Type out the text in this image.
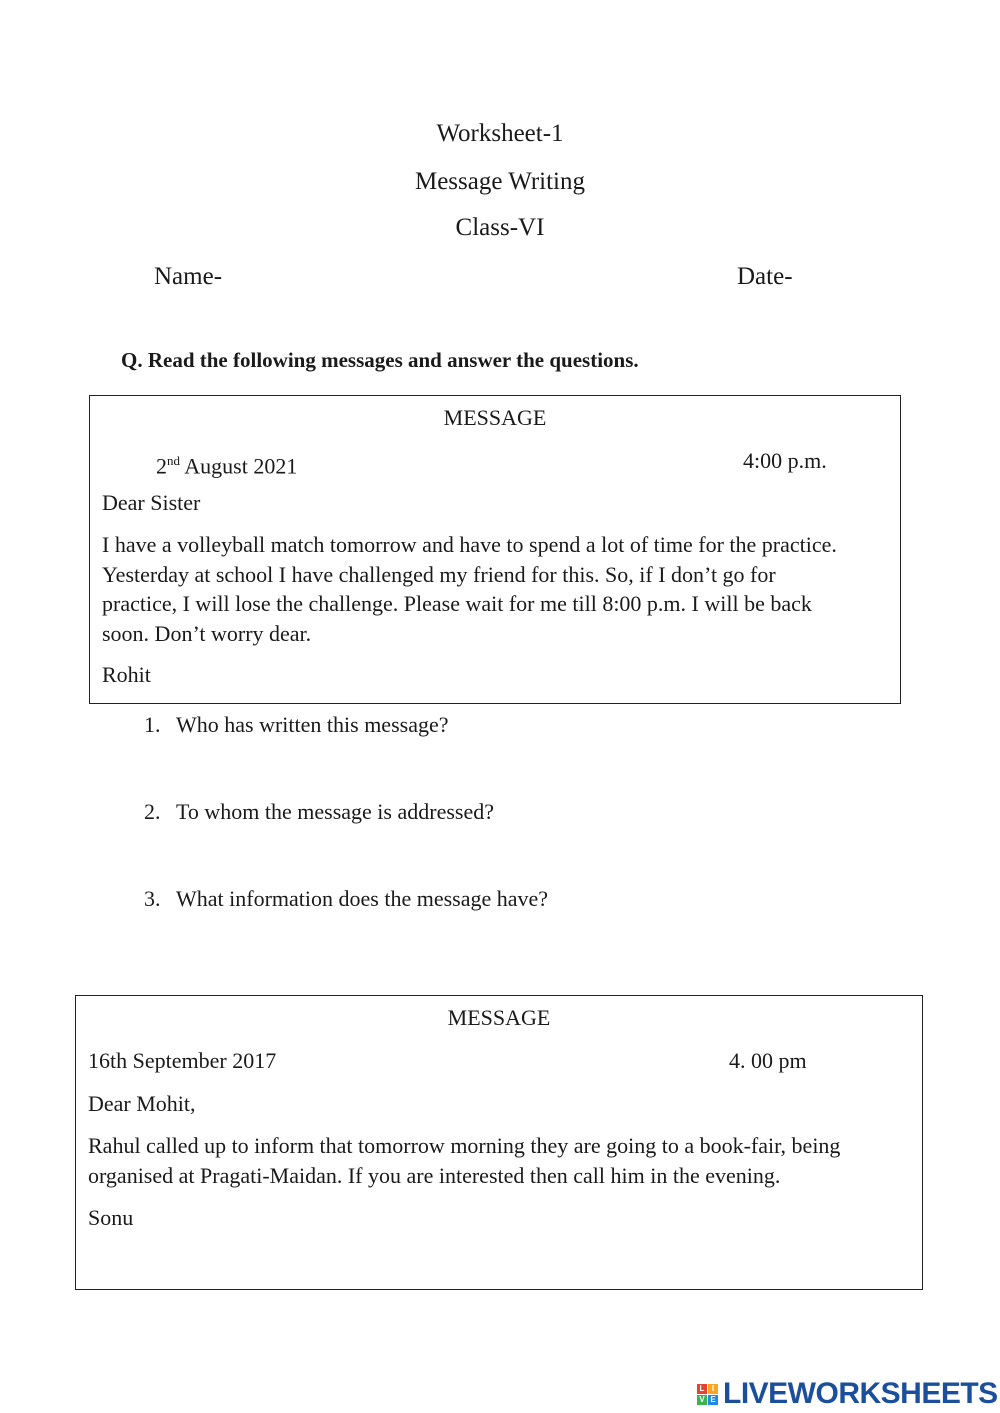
Worksheet-1
Message Writing
Class-VI
Name-	Date-
Q. Read the following messages and answer the questions.
MESSAGE
2nd August 2021	4:00 p.m.
Dear Sister
I have a volleyball match tomorrow and have to spend a lot of time for the practice.
Yesterday at school I have challenged my friend for this. So, if I don’t go for
practice, I will lose the challenge. Please wait for me till 8:00 p.m. I will be back
soon. Don’t worry dear.
Rohit
1. Who has written this message?
2. To whom the message is addressed?
3. What information does the message have?
MESSAGE
16th September 2017	4. 00 pm
Dear Mohit,
Rahul called up to inform that tomorrow morning they are going to a book-fair, being
organised at Pragati-Maidan. If you are interested then call him in the evening.
Sonu
L I
V E LIVEWORKSHEETS
